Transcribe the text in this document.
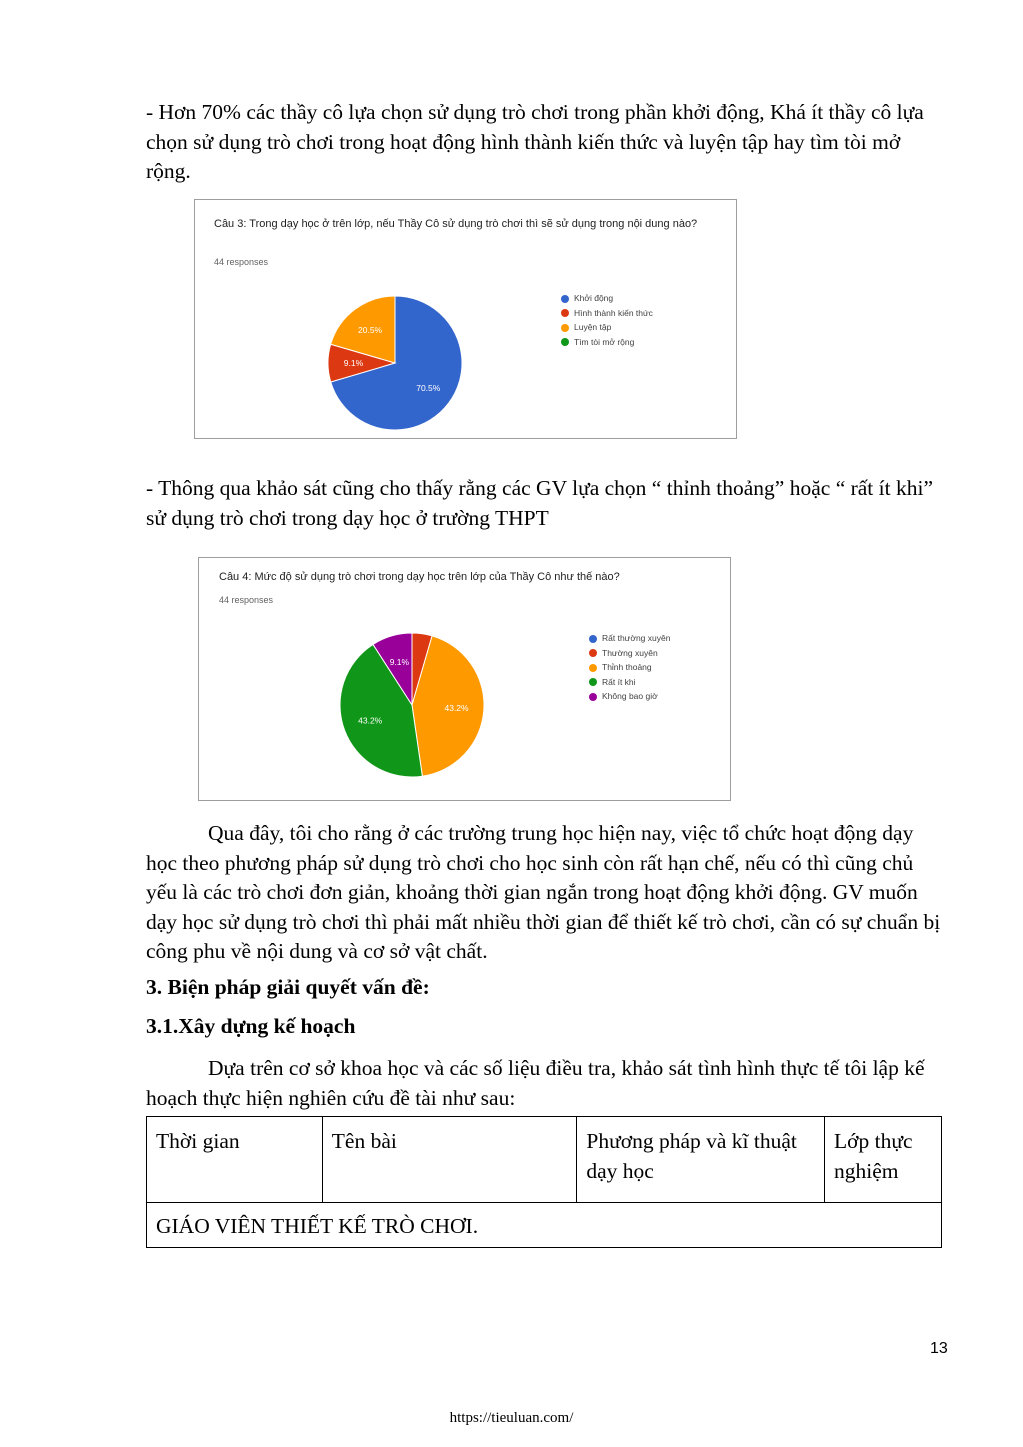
- Hơn 70% các thầy cô lựa chọn sử dụng trò chơi trong phần khởi động, Khá ít thầy cô lựa chọn sử dụng trò chơi trong hoạt động hình thành kiến thức và luyện tập hay tìm tòi mở rộng.

Câu 3: Trong dạy học ở trên lớp, nếu Thầy Cô sử dụng trò chơi thì sẽ sử dụng trong nội dung nào?
44 responses
70.5%
9.1%
20.5%
Khởi động
Hình thành kiến thức
Luyện tập
Tìm tòi mở rộng

- Thông qua khảo sát cũng cho thấy rằng các GV lựa chọn “ thỉnh thoảng” hoặc “ rất ít khi” sử dụng trò chơi trong dạy học ở trường THPT

Câu 4: Mức độ sử dụng trò chơi trong dạy học trên lớp của Thầy Cô như thế nào?
44 responses
43.2%
43.2%
9.1%
Rất thường xuyên
Thường xuyên
Thỉnh thoảng
Rất ít khi
Không bao giờ

Qua đây, tôi cho rằng ở các trường trung học hiện nay, việc tổ chức hoạt động dạy học theo phương pháp sử dụng trò chơi cho học sinh còn rất hạn chế, nếu có thì cũng chủ yếu là các trò chơi đơn giản, khoảng thời gian ngắn trong hoạt động khởi động. GV muốn dạy học sử dụng trò chơi thì phải mất nhiều thời gian để thiết kế trò chơi, cần có sự chuẩn bị công phu về nội dung và cơ sở vật chất.

3. Biện pháp giải quyết vấn đề:
3.1.Xây dựng kế hoạch

Dựa trên cơ sở khoa học và các số liệu điều tra, khảo sát tình hình thực tế tôi lập kế hoạch thực hiện nghiên cứu đề tài như sau:

Thời gian	Tên bài	Phương pháp và kĩ thuật dạy học	Lớp thực nghiệm
GIÁO VIÊN THIẾT KẾ TRÒ CHƠI.
13
https://tieuluan.com/
